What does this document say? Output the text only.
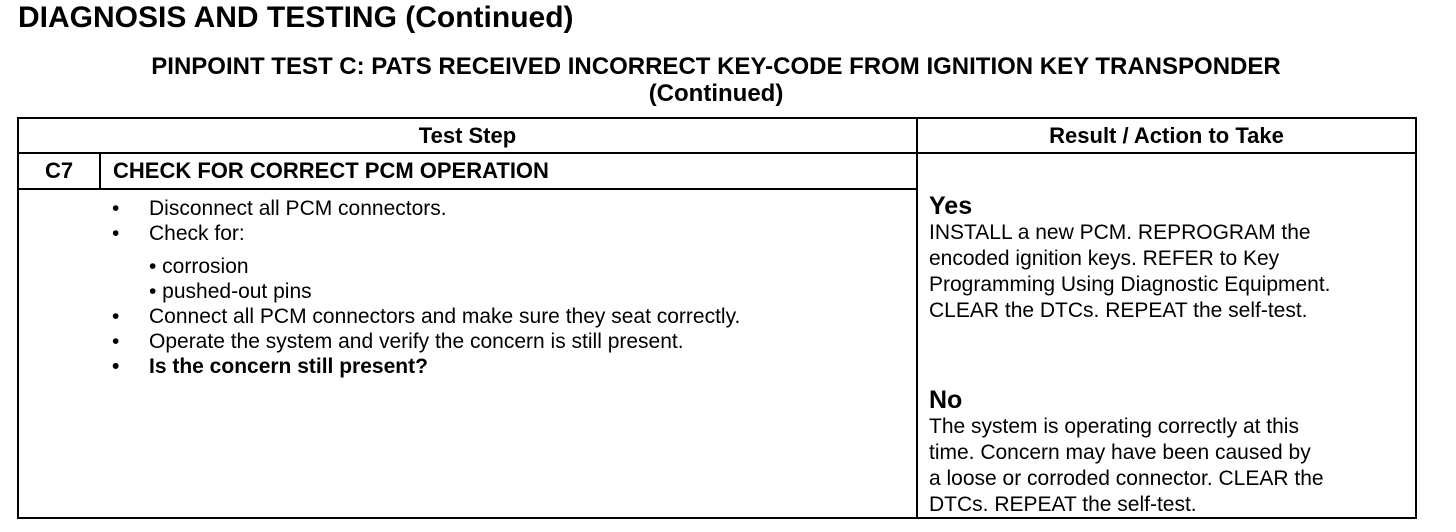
DIAGNOSIS AND TESTING (Continued)
PINPOINT TEST C: PATS RECEIVED INCORRECT KEY-CODE FROM IGNITION KEY TRANSPONDER
(Continued)
Test Step	Result / Action to Take
C7	CHECK FOR CORRECT PCM OPERATION
• Disconnect all PCM connectors.
• Check for:
• corrosion
• pushed-out pins
• Connect all PCM connectors and make sure they seat correctly.
• Operate the system and verify the concern is still present.
• Is the concern still present?
Yes
INSTALL a new PCM. REPROGRAM the
encoded ignition keys. REFER to Key
Programming Using Diagnostic Equipment.
CLEAR the DTCs. REPEAT the self-test.
No
The system is operating correctly at this
time. Concern may have been caused by
a loose or corroded connector. CLEAR the
DTCs. REPEAT the self-test.
